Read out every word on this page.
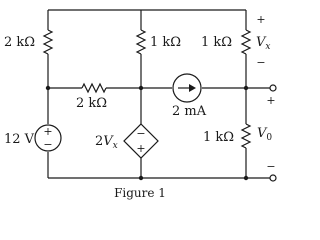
+
−
−
+
2 kΩ	1 kΩ 1 kΩ
2 kΩ
2 mA
1 kΩ
12 V	$2V_x$
+
$V_x$
−
+
$V_0$
−
Figure 1
